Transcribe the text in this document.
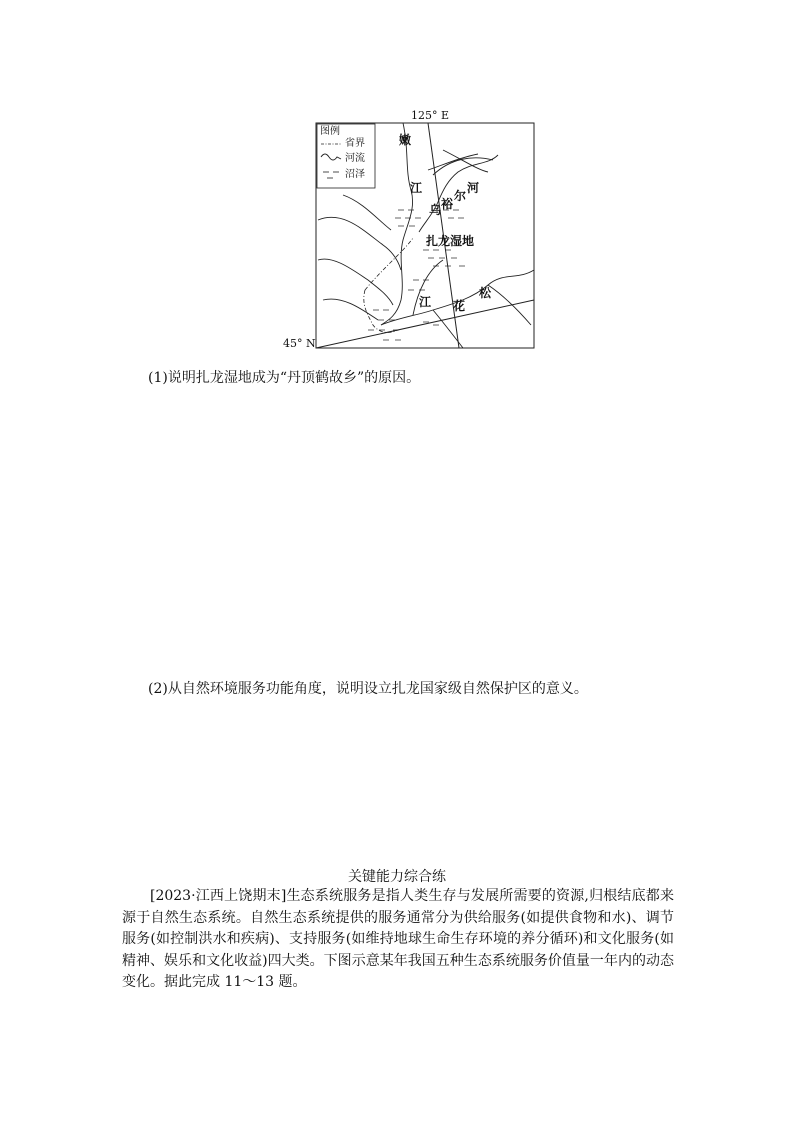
125° E
45° N
图例
省界
河流
沼泽
嫩
江
乌 裕
尔
河
扎龙湿地
松
江 花
(1)说明扎龙湿地成为“丹顶鹤故乡”的原因。
(2)从自然环境服务功能角度，说明设立扎龙国家级自然保护区的意义。
关键能力综合练
[2023·江西上饶期末]生态系统服务是指人类生存与发展所需要的资源,归根结底都来源于自然生态系统。自然生态系统提供的服务通常分为供给服务(如提供食物和水)、调节服务(如控制洪水和疾病)、支持服务(如维持地球生命生存环境的养分循环)和文化服务(如精神、娱乐和文化收益)四大类。下图示意某年我国五种生态系统服务价值量一年内的动态变化。据此完成 11～13 题。
